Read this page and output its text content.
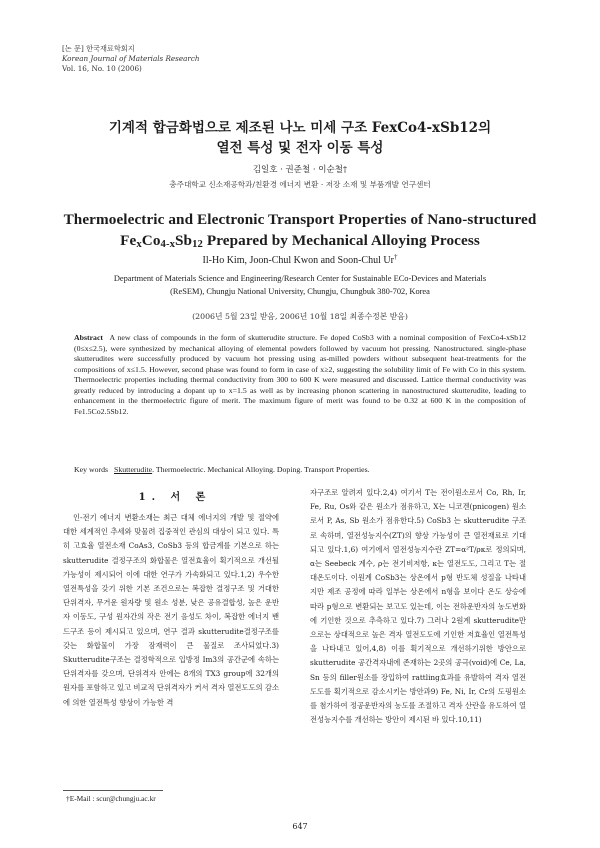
[논 문] 한국재료학회지
Korean Journal of Materials Research
Vol. 16, No. 10 (2006)
기계적 합금화법으로 제조된 나노 미세 구조 FexCo4-xSb12의
열전 특성 및 전자 이동 특성
김일호 · 권준철 · 이순철†
충주대학교 신소재공학과/친환경 에너지 변환 · 저장 소재 및 부품개발 연구센터
Thermoelectric and Electronic Transport Properties of Nano-structured
$Fe_xCo_{4-x}Sb_{12}$ Prepared by Mechanical Alloying Process
Il-Ho Kim, Joon-Chul Kwon and Soon-Chul Ur†
Department of Materials Science and Engineering/Research Center for Sustainable ECo-Devices and Materials
(ReSEM), Chungju National University, Chungju, Chungbuk 380-702, Korea
(2006년 5월 23일 받음, 2006년 10월 18일 최종수정본 받음)
Abstract A new class of compounds in the form of skutterudite structure. Fe doped CoSb3 with a nominal composition of FexCo4-xSb12 (0≤x≤2.5), were synthesized by mechanical alloying of elemental powders followed by vacuum hot pressing. Nanostructured. single-phase skutterudites were successfully produced by vacuum hot pressing using as-milled powders without subsequent heat-treatments for the compositions of x≤1.5. However, second phase was found to form in case of x≥2, suggesting the solubility limit of Fe with Co in this system. Thermoelectric properties including thermal conductivity from 300 to 600 K were measured and discussed. Lattice thermal conductivity was greatly reduced by introducing a dopant up to x=1.5 as well as by increasing phonon scattering in nanostructured skutterudite, leading to enhancement in the thermoelectric figure of merit. The maximum figure of merit was found to be 0.32 at 600 K in the composition of Fe1.5Co2.5Sb12.
Key words Skutterudite. Thermoelectric. Mechanical Alloying. Doping. Transport Properties.
1. 서 론

인-전기 에너지 변환소재는 최근 대체 에너지의 개발 및 절약에 대한 세계적인 추세와 맞물려 집중적인 관심의 대상이 되고 있다. 특히 고효율 열전소재 CoAs3, CoSb3 등의 합금계를 기본으로 하는 skutterudite 결정구조의 화합물은 열전효율이 획기적으로 개선될 가능성이 제시되어 이에 대한 연구가 가속화되고 있다.1,2) 우수한 열전특성을 갖기 위한 기본 조건으로는 복잡한 결정구조 및 거대한 단위격자, 무거운 원자량 및 원소 성분, 낮은 공유결합성, 높은 운반자 이동도, 구성 원자간의 작은 전기 음성도 차이, 복잡한 에너지 밴드구조 등이 제시되고 있으며, 연구 결과 skutterudite결정구조를 갖는 화합물이 가장 잠재력이 큰 물질로 조사되었다.3) Skutterudite구조는 결정학적으로 입방정 Im3의 공간군에 속하는 단위격자를 갖으며, 단위격자 안에는 8개의 TX3 group에 32개의 원자를 포함하고 있고 비교적 단위격자가 커서 격자 열전도도의 감소에 의한 열전특성 향상이 가능한 격

자구조로 알려져 있다.2,4) 여기서 T는 전이원소로서 Co, Rh, Ir, Fe, Ru, Os와 같은 원소가 점유하고, X는 니코겐(pnicogen) 원소로서 P, As, Sb 원소가 점유한다.5) CoSb3 는 skutterudite 구조로 속하며, 열전성능지수(ZT)의 향상 가능성이 큰 열전재료로 기대되고 있다.1,6) 여기에서 열전성능지수란 ZT=α²T/ρκ로 정의되며, α는 Seebeck 계수, ρ는 전기비저항, κ는 열전도도, 그리고 T는 절대온도이다. 이원계 CoSb3는 상온에서 p형 반도체 성질을 나타내지만 제조 공정에 따라 일부는 상온에서 n형을 보이다 온도 상승에 따라 p형으로 변환되는 보고도 있는데, 이는 전하운반자의 농도변화에 기인한 것으로 추측하고 있다.7) 그러나 2원계 skutterudite만으로는 상대적으로 높은 격자 열전도도에 기인한 저효율인 열전특성을 나타내고 있어,4,8) 이를 획기적으로 개선하기위한 방안으로 skutterudite 공간격자내에 존재하는 2곳의 공극(void)에 Ce, La, Sn 등의 filler원소를 장입하여 rattling효과를 유발하여 격자 열전도도를 획기적으로 감소시키는 방안과9) Fe, Ni, Ir, Cr의 도핑원소를 첨가하여 정공운반자의 농도를 조절하고 격자 산란을 유도하여 열전성능지수를 개선하는 방안이 제시된 바 있다.10,11)

†E-Mail : scur@chungju.ac.kr
647
